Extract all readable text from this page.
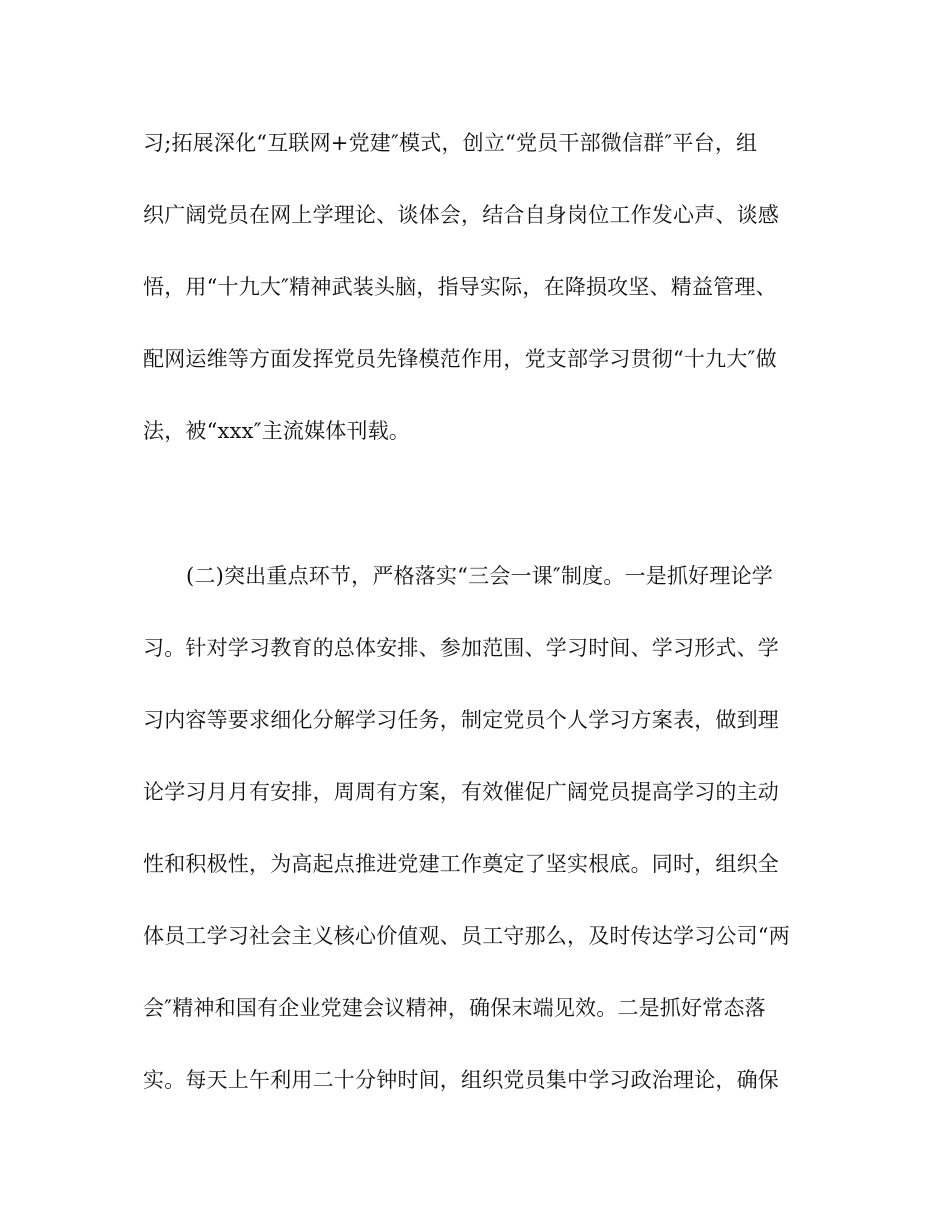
习;拓展深化“互联网+党建″模式，创立“党员干部微信群″平台，组
织广阔党员在网上学理论、谈体会，结合自身岗位工作发心声、谈感
悟，用“十九大″精神武装头脑，指导实际，在降损攻坚、精益管理、
配网运维等方面发挥党员先锋模范作用，党支部学习贯彻“十九大″做
法，被“xxx″主流媒体刊载。
(二)突出重点环节，严格落实“三会一课″制度。一是抓好理论学
习。针对学习教育的总体安排、参加范围、学习时间、学习形式、学
习内容等要求细化分解学习任务，制定党员个人学习方案表，做到理
论学习月月有安排，周周有方案，有效催促广阔党员提高学习的主动
性和积极性，为高起点推进党建工作奠定了坚实根底。同时，组织全
体员工学习社会主义核心价值观、员工守那么，及时传达学习公司“两
会″精神和国有企业党建会议精神，确保末端见效。二是抓好常态落
实。每天上午利用二十分钟时间，组织党员集中学习政治理论，确保
